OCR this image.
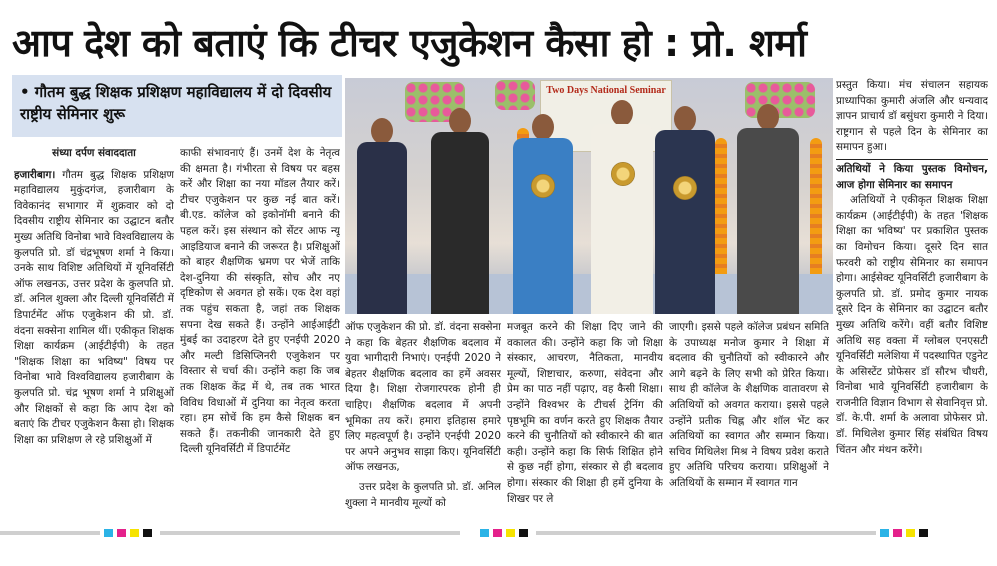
आप देश को बताएं कि टीचर एजुकेशन कैसा हो : प्रो. शर्मा
• गौतम बुद्ध शिक्षक प्रशिक्षण महाविद्यालय में दो दिवसीय राष्ट्रीय सेमिनार शुरू

संध्या दर्पण संवाददाता

हजारीबाग। गौतम बुद्ध शिक्षक प्रशिक्षण महाविद्यालय मुकुंदगंज, हजारीबाग के विवेकानंद सभागार में शुक्रवार को दो दिवसीय राष्ट्रीय सेमिनार का उद्घाटन बतौर मुख्य अतिथि विनोबा भावे विश्वविद्यालय के कुलपति प्रो. डॉ चंद्रभूषण शर्मा ने किया। उनके साथ विशिष्ट अतिथियों में यूनिवर्सिटी ऑफ लखनऊ, उत्तर प्रदेश के कुलपति प्रो. डॉ. अनिल शुक्ला और दिल्ली यूनिवर्सिटी में डिपार्टमेंट ऑफ एजुकेशन की प्रो. डॉ. वंदना सक्सेना शामिल थीं। एकीकृत शिक्षक शिक्षा कार्यक्रम (आईटीईपी) के तहत "शिक्षक शिक्षा का भविष्य" विषय पर विनोबा भावे विश्वविद्यालय हजारीबाग के कुलपति प्रो. चंद्र भूषण शर्मा ने प्रशिक्षुओं और शिक्षकों से कहा कि आप देश को बताएं कि टीचर एजुकेशन कैसा हो। शिक्षक शिक्षा का प्रशिक्षण ले रहे प्रशिक्षुओं में

काफी संभावनाएं हैं। उनमें देश के नेतृत्व की क्षमता है। गंभीरता से विषय पर बहस करें और शिक्षा का नया मॉडल तैयार करें। टीचर एजुकेशन पर कुछ नई बात करें। बी.एड. कॉलेज को इकोनॉमी बनाने की पहल करें। इस संस्थान को सेंटर आफ न्यू आइडियाज बनाने की जरूरत है। प्रशिक्षुओं को बाहर शैक्षणिक भ्रमण पर भेजें ताकि देश-दुनिया की संस्कृति, सोच और नए दृष्टिकोण से अवगत हो सकें। एक देश वहां तक पहुंच सकता है, जहां तक शिक्षक सपना देख सकते हैं। उन्होंने आईआईटी मुंबई का उदाहरण देते हुए एनईपी 2020 और मल्टी डिसिप्लिनरी एजुकेशन पर विस्तार से चर्चा की। उन्होंने कहा कि जब तक शिक्षक केंद्र में थे, तब तक भारत विविध विधाओं में दुनिया का नेतृत्व करता रहा। हम सोचें कि हम कैसे शिक्षक बन सकते हैं। तकनीकी जानकारी देते हुए दिल्ली यूनिवर्सिटी में डिपार्टमेंट

Two Days National Seminar

ऑफ एजुकेशन की प्रो. डॉ. वंदना सक्सेना ने कहा कि बेहतर शैक्षणिक बदलाव में युवा भागीदारी निभाएं। एनईपी 2020 ने बेहतर शैक्षणिक बदलाव का हमें अवसर दिया है। शिक्षा रोजगारपरक होनी ही चाहिए। शैक्षणिक बदलाव में अपनी भूमिका तय करें। हमारा इतिहास हमारे लिए महत्वपूर्ण है। उन्होंने एनईपी 2020 पर अपने अनुभव साझा किए। यूनिवर्सिटी ऑफ लखनऊ,

उत्तर प्रदेश के कुलपति प्रो. डॉ. अनिल शुक्ला ने मानवीय मूल्यों को

मजबूत करने की शिक्षा दिए जाने की वकालत की। उन्होंने कहा कि जो शिक्षा संस्कार, आचरण, नैतिकता, मानवीय मूल्यों, शिष्टाचार, करुणा, संवेदना और प्रेम का पाठ नहीं पढ़ाए, वह कैसी शिक्षा। उन्होंने विश्वभर के टीचर्स ट्रेनिंग की पृष्ठभूमि का वर्णन करते हुए शिक्षक तैयार करने की चुनौतियों को स्वीकारने की बात कही। उन्होंने कहा कि सिर्फ शिक्षित होने से कुछ नहीं होगा, संस्कार से ही बदलाव होगा। संस्कार की शिक्षा ही हमें दुनिया के शिखर पर ले

जाएगी। इससे पहले कॉलेज प्रबंधन समिति के उपाध्यक्ष मनोज कुमार ने शिक्षा में बदलाव की चुनौतियों को स्वीकारने और आगे बढ़ने के लिए सभी को प्रेरित किया। साथ ही कॉलेज के शैक्षणिक वातावरण से अतिथियों को अवगत कराया। इससे पहले उन्होंने प्रतीक चिह्न और शॉल भेंट कर अतिथियों का स्वागत और सम्मान किया। सचिव मिथिलेश मिश्र ने विषय प्रवेश कराते हुए अतिथि परिचय कराया। प्रशिक्षुओं ने अतिथियों के सम्मान में स्वागत गान

प्रस्तुत किया। मंच संचालन सहायक प्राध्यापिका कुमारी अंजलि और धन्यवाद ज्ञापन प्राचार्य डॉ बसुंधरा कुमारी ने दिया। राष्ट्रगान से पहले दिन के सेमिनार का समापन हुआ।

अतिथियों ने किया पुस्तक विमोचन, आज होगा सेमिनार का समापन

अतिथियों ने एकीकृत शिक्षक शिक्षा कार्यक्रम (आईटीईपी) के तहत 'शिक्षक शिक्षा का भविष्य' पर प्रकाशित पुस्तक का विमोचन किया। दूसरे दिन सात फरवरी को राष्ट्रीय सेमिनार का समापन होगा। आईसेक्ट यूनिवर्सिटी हजारीबाग के कुलपति प्रो. डॉ. प्रमोद कुमार नायक दूसरे दिन के सेमिनार का उद्घाटन बतौर मुख्य अतिथि करेंगे। वहीं बतौर विशिष्ट अतिथि सह वक्ता में ग्लोबल एनएसटी यूनिवर्सिटी मलेशिया में पदस्थापित एडुनेट के असिस्टेंट प्रोफेसर डॉ सौरभ चौधरी, विनोबा भावे यूनिवर्सिटी हजारीबाग के राजनीति विज्ञान विभाग से सेवानिवृत्त प्रो. डॉ. के.पी. शर्मा के अलावा प्रोफेसर प्रो. डॉ. मिथिलेश कुमार सिंह संबंधित विषय चिंतन और मंथन करेंगे।
